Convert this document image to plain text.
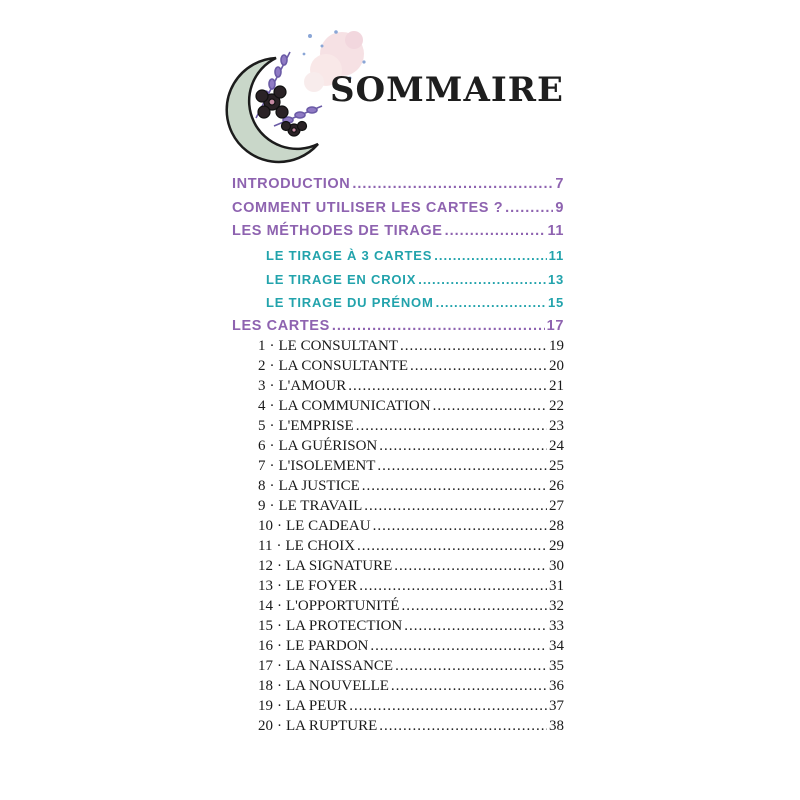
SOMMAIRE
INTRODUCTION .....	7
COMMENT UTILISER LES CARTES ? .....	9
LES MÉTHODES DE TIRAGE .....	11
LE TIRAGE À 3 CARTES .....	11
LE TIRAGE EN CROIX .....	13
LE TIRAGE DU PRÉNOM .....	15
LES CARTES .....	17
1 · LE CONSULTANT .....	19
2 · LA CONSULTANTE .....	20
3 · L'AMOUR .....	21
4 · LA COMMUNICATION .....	22
5 · L'EMPRISE .....	23
6 · LA GUÉRISON .....	24
7 · L'ISOLEMENT .....	25
8 · LA JUSTICE .....	26
9 · LE TRAVAIL .....	27
10 · LE CADEAU .....	28
11 · LE CHOIX .....	29
12 · LA SIGNATURE .....	30
13 · LE FOYER .....	31
14 · L'OPPORTUNITÉ .....	32
15 · LA PROTECTION .....	33
16 · LE PARDON .....	34
17 · LA NAISSANCE .....	35
18 · LA NOUVELLE .....	36
19 · LA PEUR .....	37
20 · LA RUPTURE .....	38
